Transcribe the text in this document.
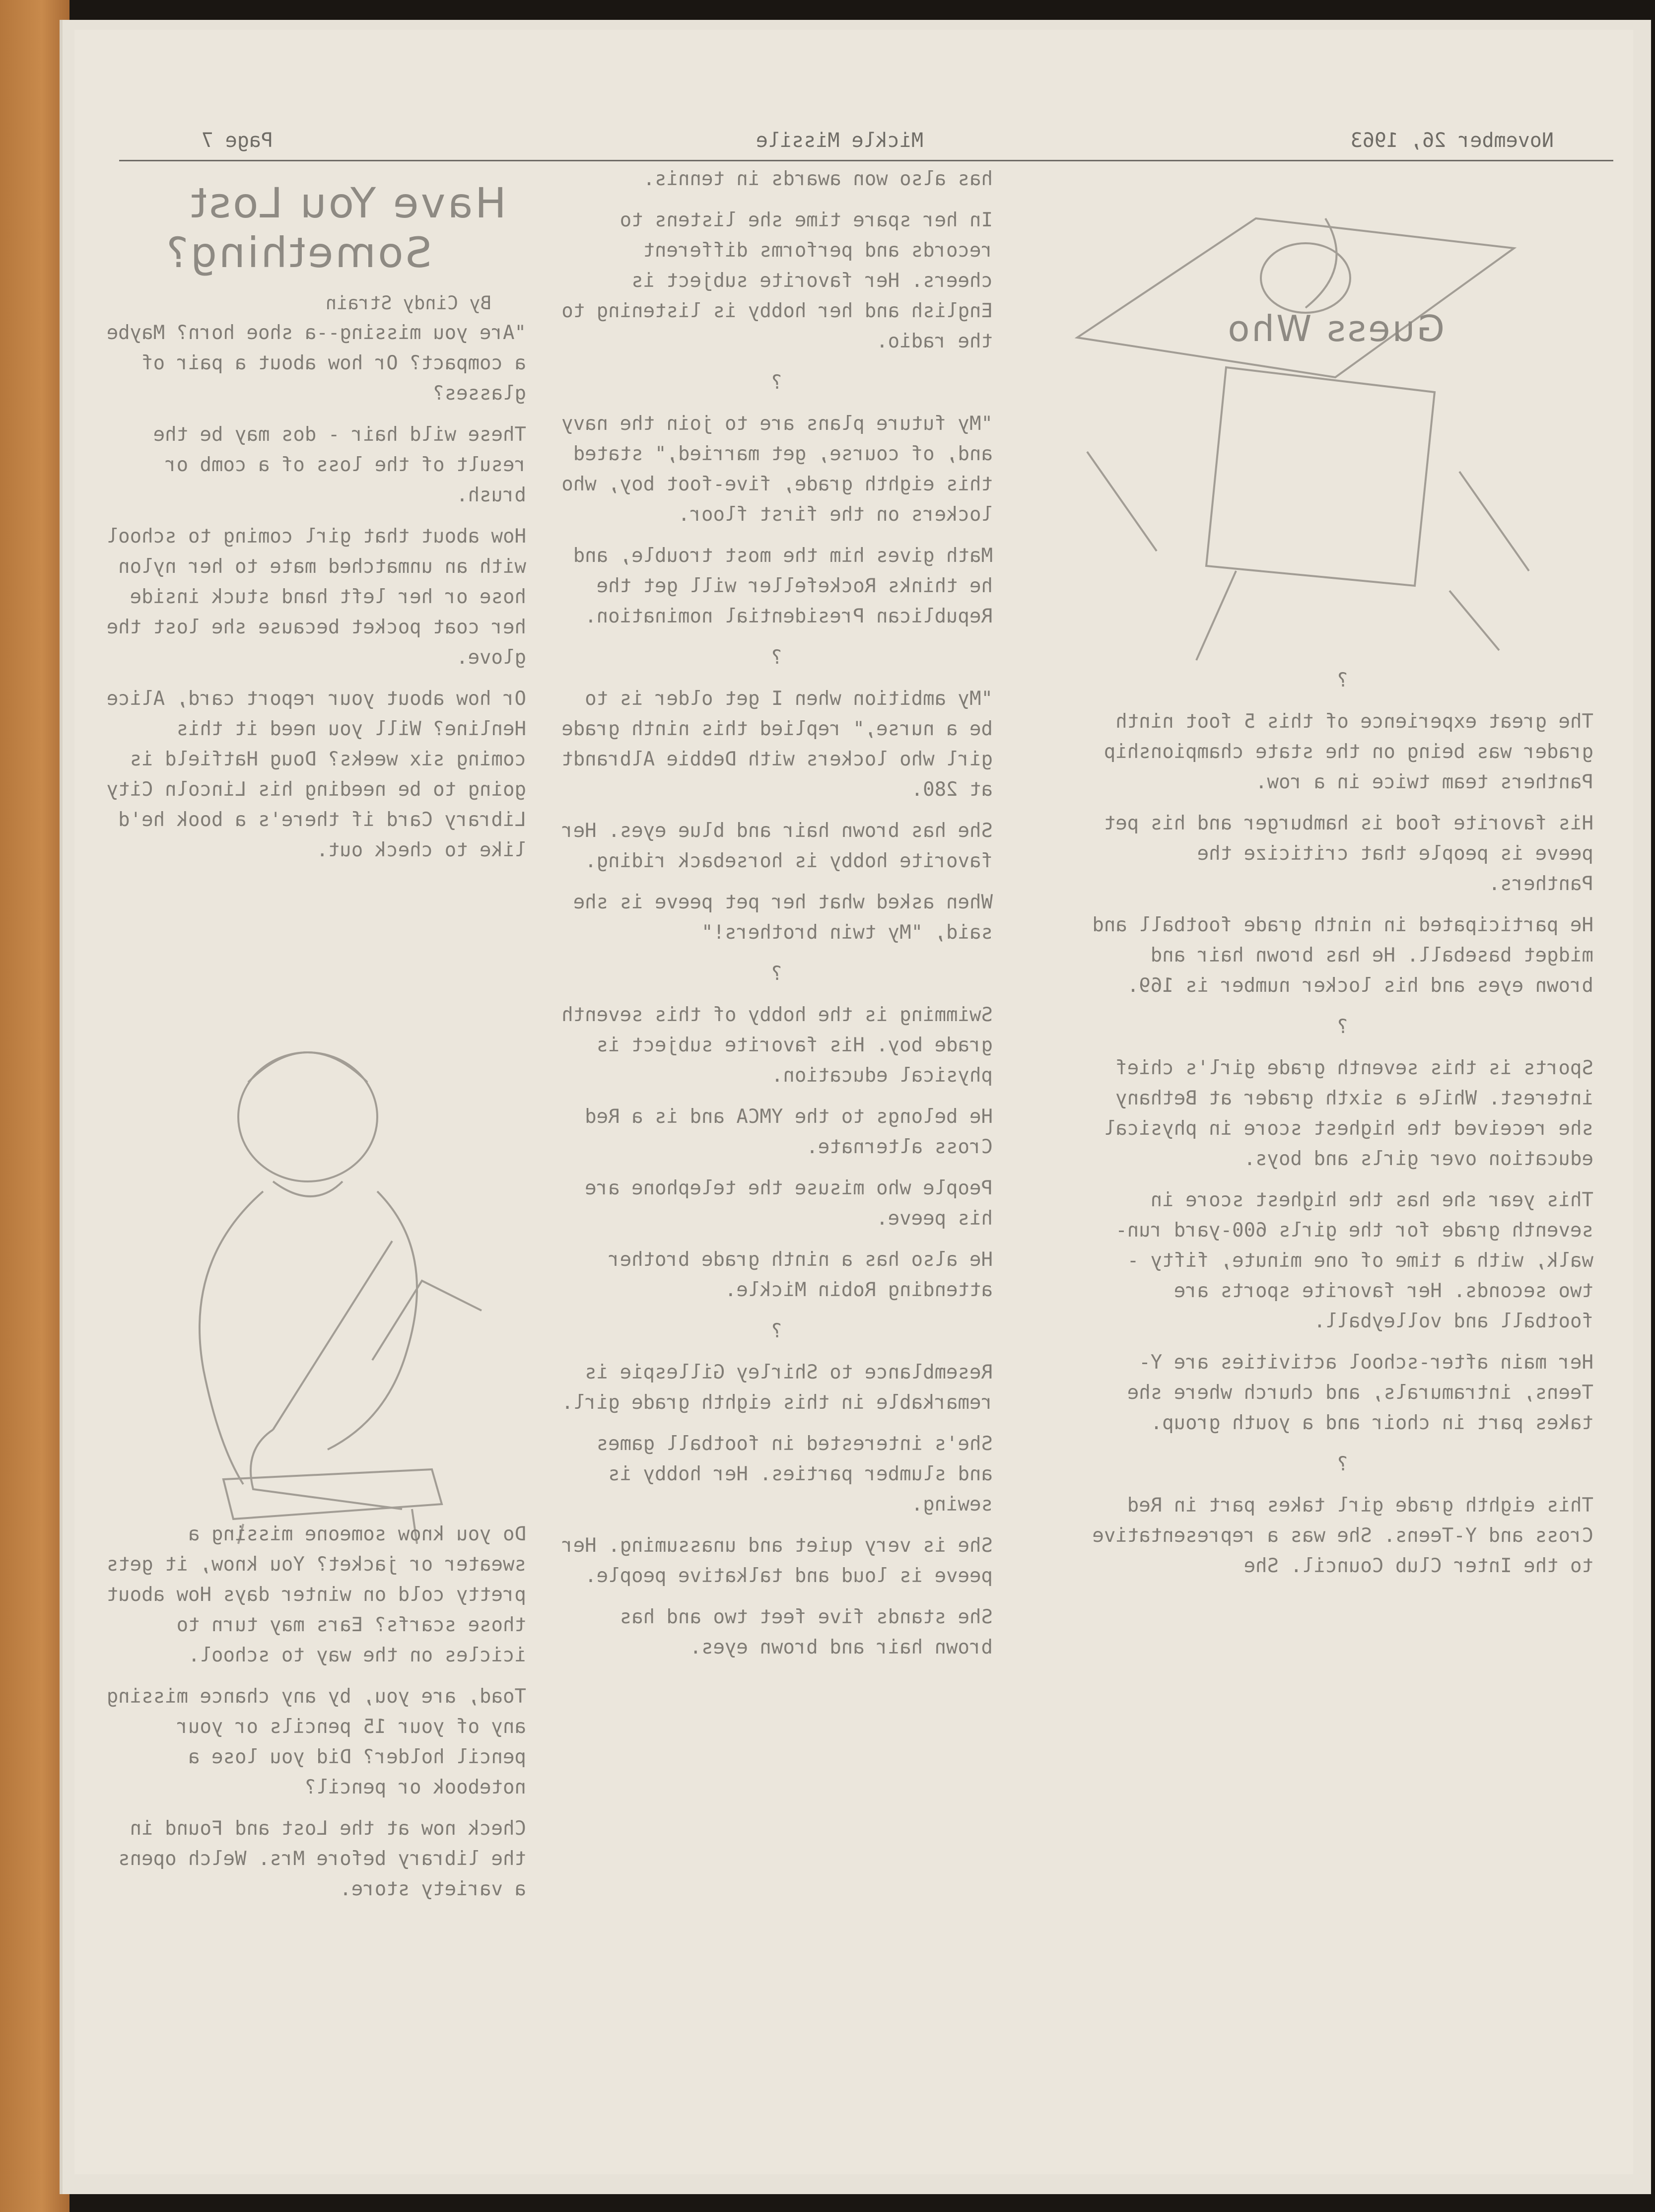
November 26, 1963
Mickle Missile
Page 7
Have You Lost
Something?
By Cindy Strain

"Are you missing--a shoe horn? Maybe a compact? Or how about a pair of glasses?

These wild hair - dos may be the result of the loss of a comb or brush.

How about that girl coming to school with an unmatched mate to her nylon hose or her left hand stuck inside her coat pocket because she lost the glove.

Or how about your report card, Alice Henline? Will you need it this coming six weeks? Doug Hatfield is going to be needing his Lincoln City Library Card if there's a book he'd like to check out.

Do you know someone missing a sweater or jacket? You know, it gets pretty cold on winter days How about those scarfs? Ears may turn to icicles on the way to school.

Toad, are you, by any chance missing any of your 15 pencils or your pencil holder? Did you lose a notebook or pencil?

Check now at the Lost and Found in the library before Mrs. Welch opens a variety store.

has also won awards in tennis.

In her spare time she listens to records and performs different cheers. Her favorite subject is English and her hobby is listening to the radio.

?

"My future plans are to join the navy and, of course, get married," stated this eighth grade, five-foot boy, who lockers on the first floor.

Math gives him the most trouble, and he thinks Rockefeller will get the Republican Presidential nomination.

?

"My ambition when I get older is to be a nurse," replied this ninth grade girl who lockers with Debbie Albrandt at 280.

She has brown hair and blue eyes. Her favorite hobby is horseback riding.

When asked what her pet peeve is she said, "My twin brothers!"

?

Swimming is the hobby of this seventh grade boy. His favorite subject is physical education.

He belongs to the YMCA and is a Red Cross alternate.

People who misuse the telephone are his peeve.

He also has a ninth grade brother attending Robin Mickle.

?

Resemblance to Shirley Gillespie is remarkable in this eighth grade girl.

She's interested in football games and slumber parties. Her hobby is sewing.

She is very quiet and unassuming. Her peeve is loud and talkative people.

She stands five feet two and has brown hair and brown eyes.

Guess Who

?

The great experience of this 5 foot ninth grader was being on the state championship Panthers team twice in a row.

His favorite food is hamburger and his pet peeve is people that criticize the Panthers.

He participated in ninth grade football and midget baseball. He has brown hair and brown eyes and his locker number is 169.

?

Sports is this seventh grade girl's chief interest. While a sixth grader at Bethany she received the highest score in physical education over girls and boys.

This year she has the highest score in seventh grade for the girls 600-yard run-walk, with a time of one minute, fifty - two seconds. Her favorite sports are football and volleyball.

Her main after-school activities are Y-Teens, intramurals, and church where she takes part in choir and a youth group.

?

This eighth grade girl takes part in Red Cross and Y-Teens. She was a representative to the Inter Club Council. She
